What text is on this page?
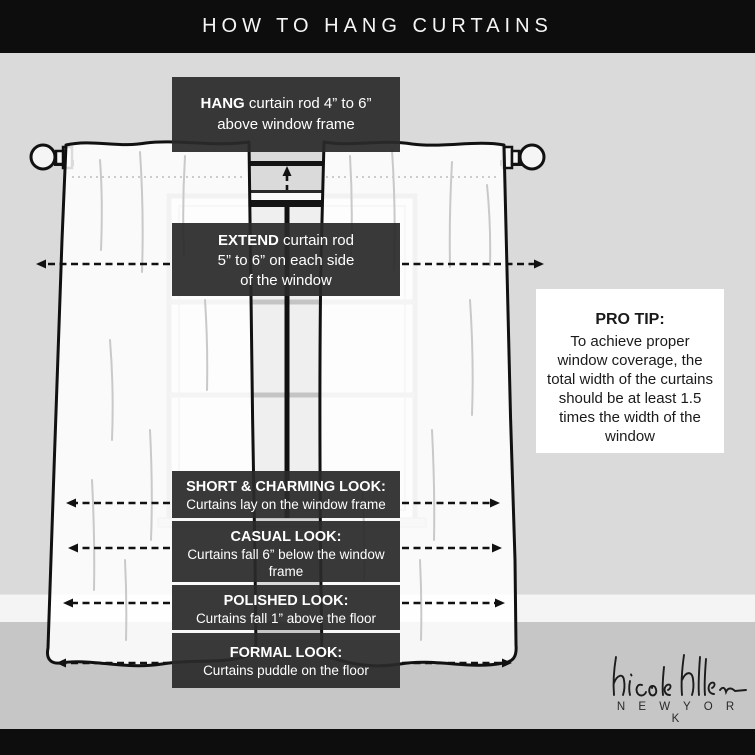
HOW TO HANG CURTAINS
HANG curtain rod 4” to 6”
above window frame
EXTEND curtain rod
5” to 6” on each side
of the window
SHORT & CHARMING LOOK:
Curtains lay on the window frame
CASUAL LOOK:
Curtains fall 6” below the window frame
POLISHED LOOK:
Curtains fall 1” above the floor
FORMAL LOOK:
Curtains puddle on the floor
PRO TIP:
To achieve proper window coverage, the total width of the curtains should be at least 1.5 times the width of the window
N E W Y O R K
